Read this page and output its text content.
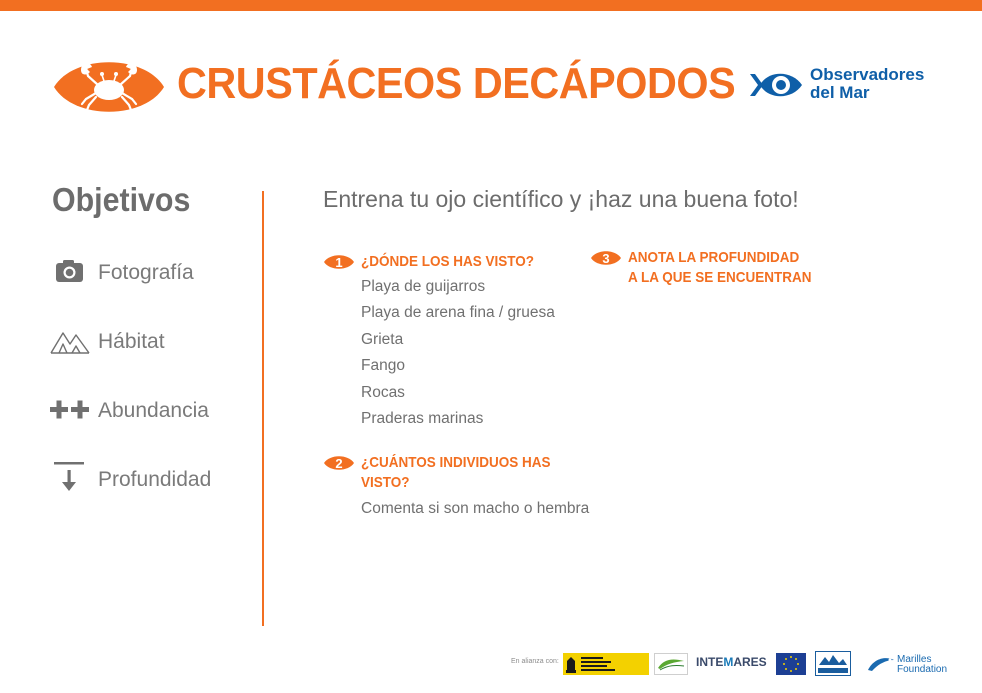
CRUSTÁCEOS DECÁPODOS	Observadores
del Mar
Objetivos
Fotografía
Hábitat
Abundancia
Profundidad
Entrena tu ojo científico y ¡haz una buena foto!
1 ¿DÓNDE LOS HAS VISTO?
Playa de guijarros
Playa de arena fina / gruesa
Grieta
Fango
Rocas
Praderas marinas
2 ¿CUÁNTOS INDIVIDUOS HAS
VISTO?
Comenta si son macho o hembra
3 ANOTA LA PROFUNDIDAD
A LA QUE SE ENCUENTRAN
En alianza con:	INTEMARES	Marilles
Foundation
